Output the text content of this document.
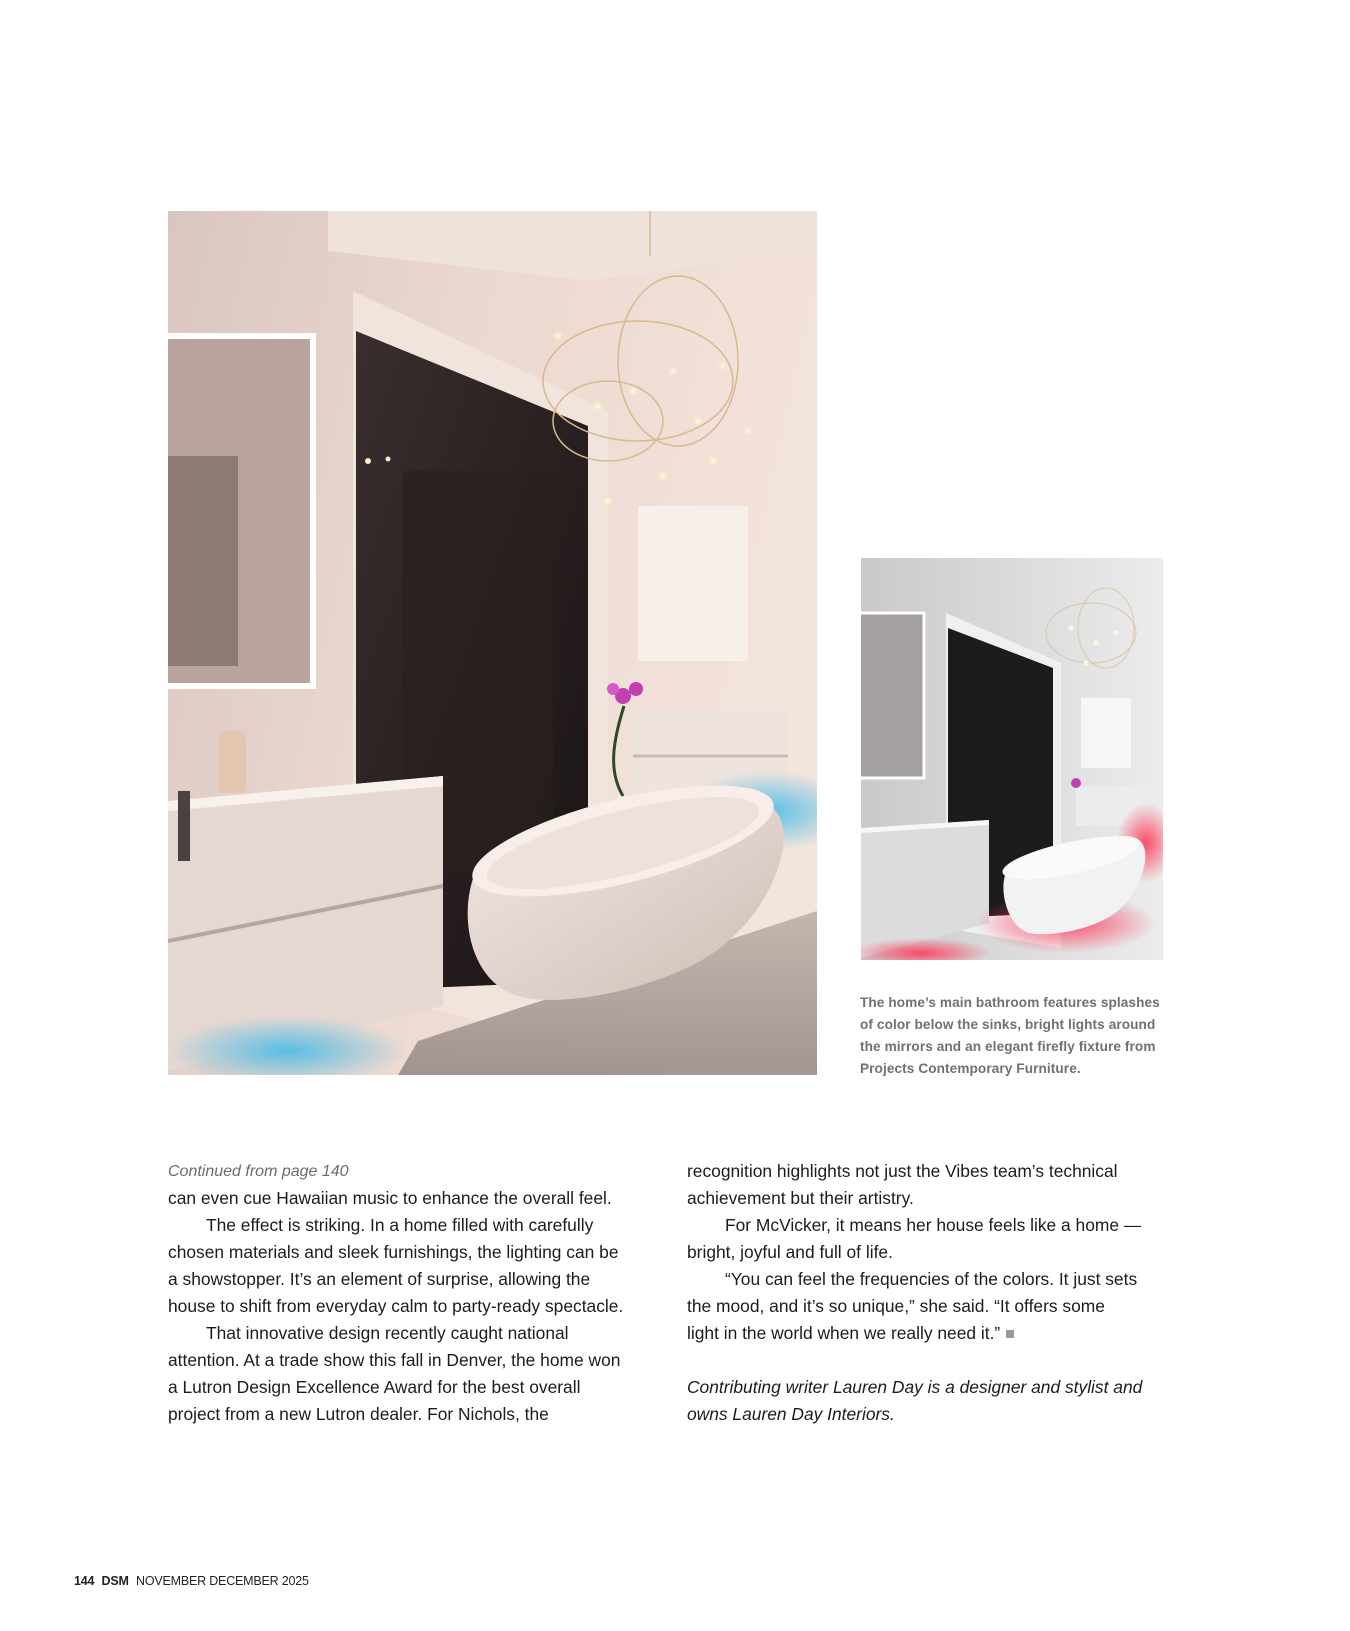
The home’s main bathroom features splashes
of color below the sinks, bright lights around
the mirrors and an elegant firefly fixture from
Projects Contemporary Furniture.
Continued from page 140
can even cue Hawaiian music to enhance the overall feel.
The effect is striking. In a home filled with carefully
chosen materials and sleek furnishings, the lighting can be
a showstopper. It’s an element of surprise, allowing the
house to shift from everyday calm to party-ready spectacle.
That innovative design recently caught national
attention. At a trade show this fall in Denver, the home won
a Lutron Design Excellence Award for the best overall
project from a new Lutron dealer. For Nichols, the
recognition highlights not just the Vibes team’s technical
achievement but their artistry.
For McVicker, it means her house feels like a home —
bright, joyful and full of life.
“You can feel the frequencies of the colors. It just sets
the mood, and it’s so unique,” she said. “It offers some
light in the world when we really need it.”
Contributing writer Lauren Day is a designer and stylist and
owns Lauren Day Interiors.
144 DSM NOVEMBER DECEMBER 2025
